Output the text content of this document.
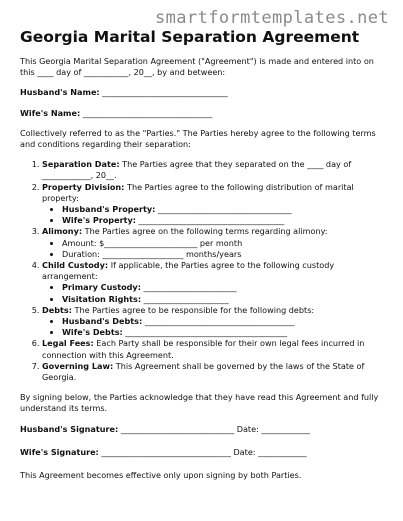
smartformtemplates.net
Georgia Marital Separation Agreement

This Georgia Marital Separation Agreement ("Agreement") is made and entered into on this ____ day of ___________, 20__, by and between:

Husband's Name: _______________________________
Wife's Name: ________________________________

Collectively referred to as the "Parties." The Parties hereby agree to the following terms and conditions regarding their separation:

1. Separation Date: The Parties agree that they separated on the ____ day of ____________, 20__.
2. Property Division: The Parties agree to the following distribution of marital property:
• Husband's Property: _________________________________
• Wife's Property: ____________________________________
3. Alimony: The Parties agree on the following terms regarding alimony:
• Amount: $_______________________ per month
• Duration: ____________________ months/years
4. Child Custody: If applicable, the Parties agree to the following custody arrangement:
• Primary Custody: _______________________
• Visitation Rights: _____________________
5. Debts: The Parties agree to be responsible for the following debts:
• Husband's Debts: _____________________________________
• Wife's Debts: ________________________________________
6. Legal Fees: Each Party shall be responsible for their own legal fees incurred in connection with this Agreement.
7. Governing Law: This Agreement shall be governed by the laws of the State of Georgia.

By signing below, the Parties acknowledge that they have read this Agreement and fully understand its terms.

Husband's Signature: ____________________________ Date: ____________
Wife's Signature: ________________________________ Date: ____________

This Agreement becomes effective only upon signing by both Parties.
